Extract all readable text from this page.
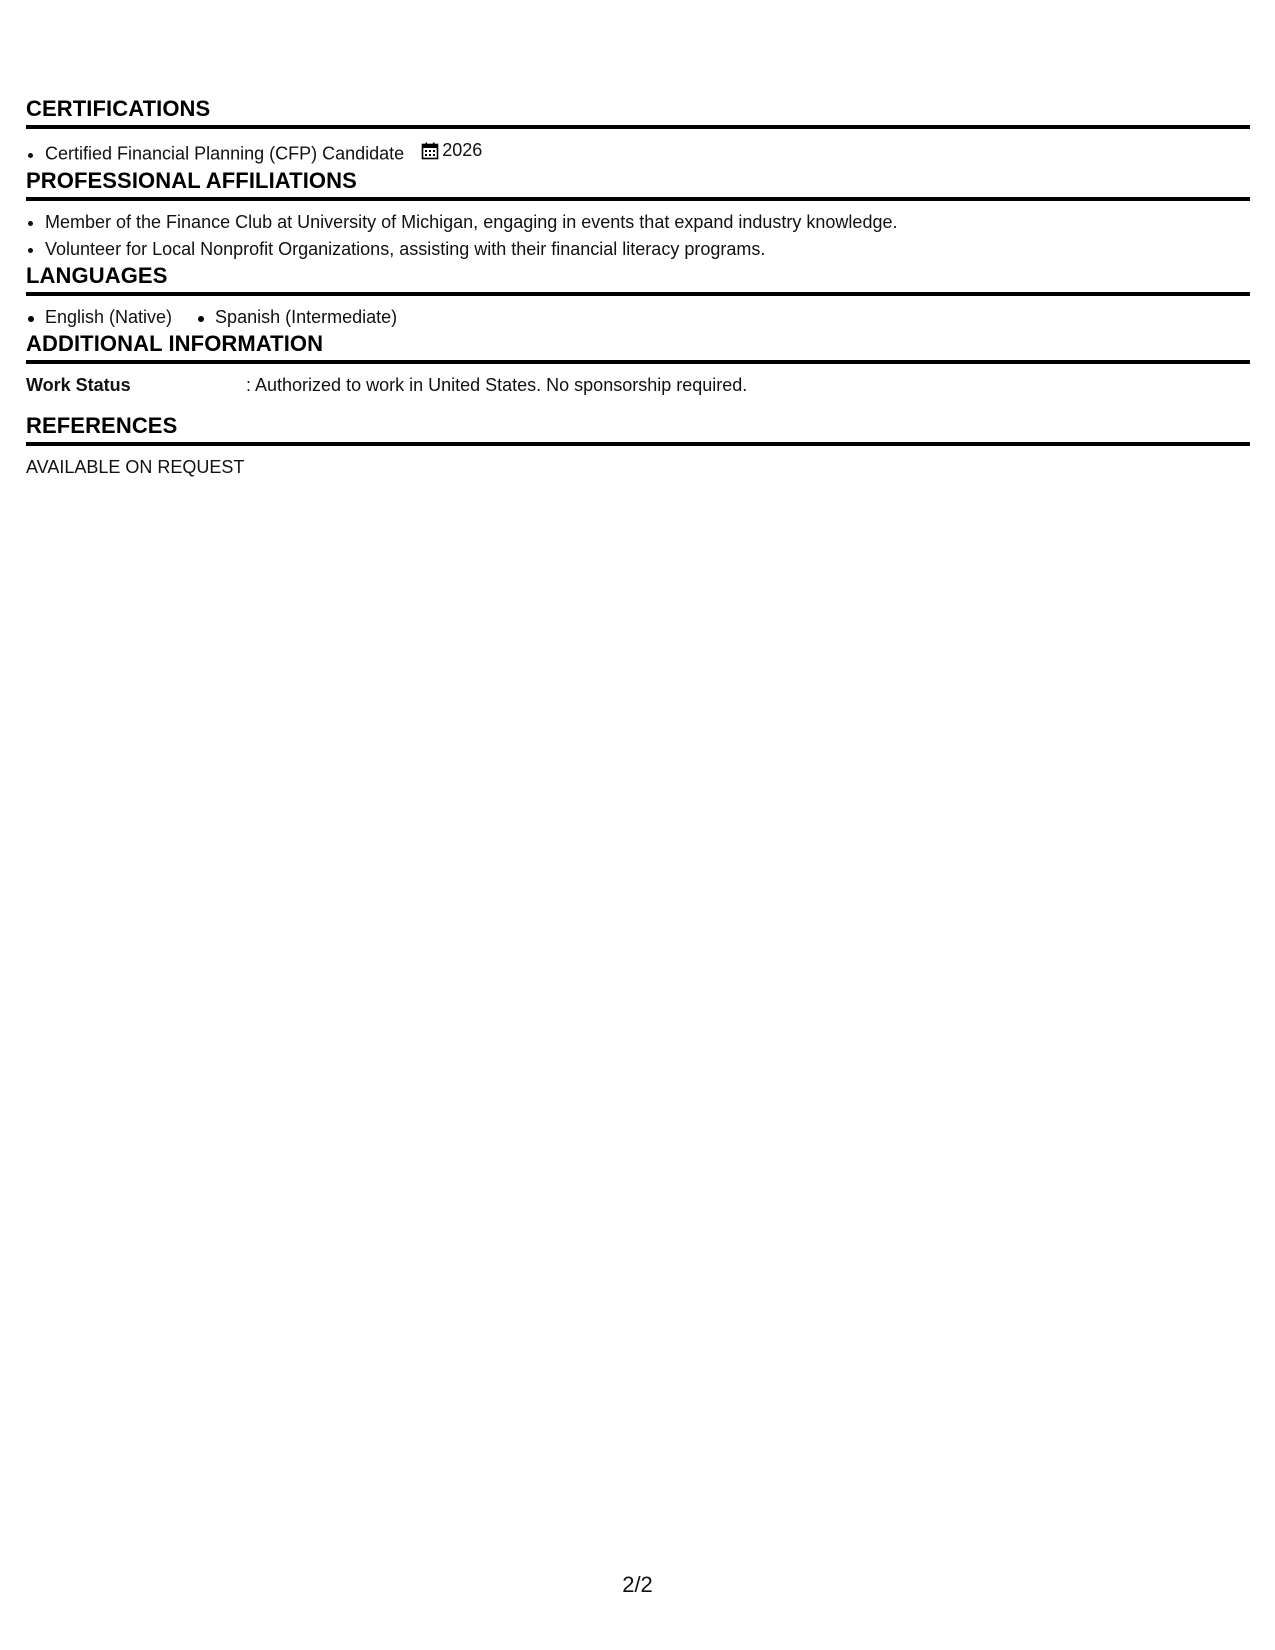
CERTIFICATIONS
• Certified Financial Planning (CFP) Candidate 2026
PROFESSIONAL AFFILIATIONS
• Member of the Finance Club at University of Michigan, engaging in events that expand industry knowledge.
• Volunteer for Local Nonprofit Organizations, assisting with their financial literacy programs.
LANGUAGES
English (Native)	Spanish (Intermediate)
ADDITIONAL INFORMATION
Work Status	: Authorized to work in United States. No sponsorship required.
REFERENCES
AVAILABLE ON REQUEST
2/2
